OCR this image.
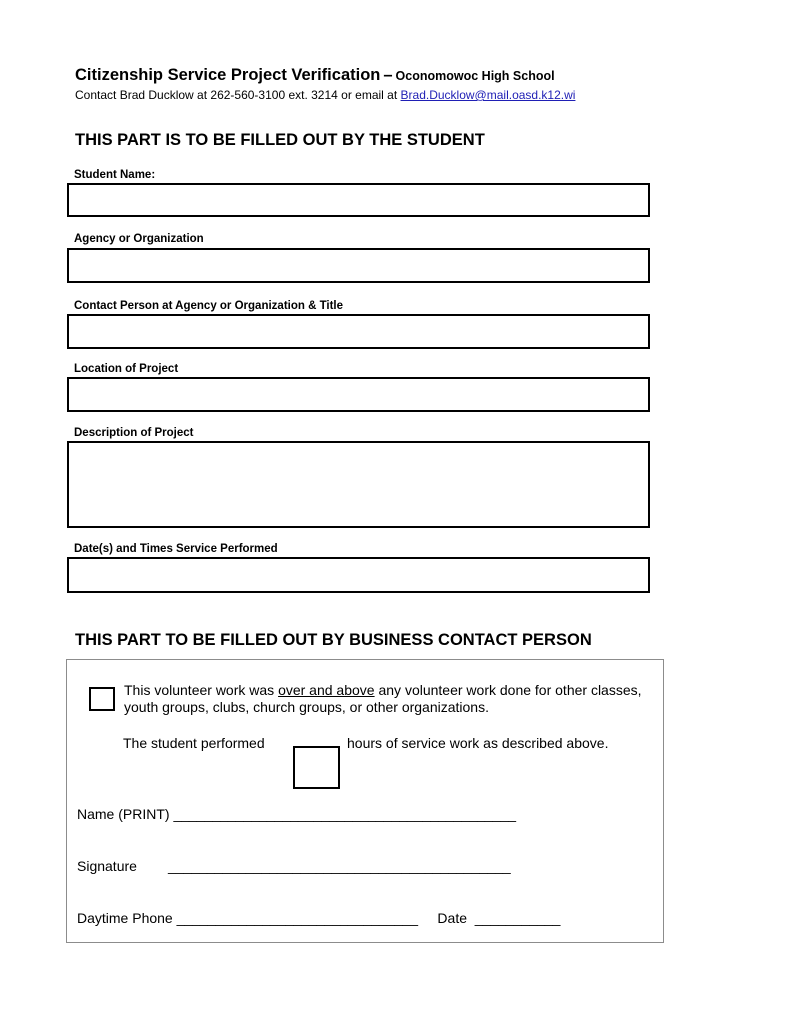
Citizenship Service Project Verification – Oconomowoc High School
Contact Brad Ducklow at 262-560-3100 ext. 3214 or email at Brad.Ducklow@mail.oasd.k12.wi
THIS PART IS TO BE FILLED OUT BY THE STUDENT
Student Name:
Agency or Organization
Contact Person at Agency or Organization & Title
Location of Project
Description of Project
Date(s) and Times Service Performed
THIS PART TO BE FILLED OUT BY BUSINESS CONTACT PERSON
This volunteer work was over and above any volunteer work done for other classes, youth groups, clubs, church groups, or other organizations.
The student performed	hours of service work as described above.
Name (PRINT) ____________________________________________
Signature        ____________________________________________
Daytime Phone _______________________________     Date  ___________
